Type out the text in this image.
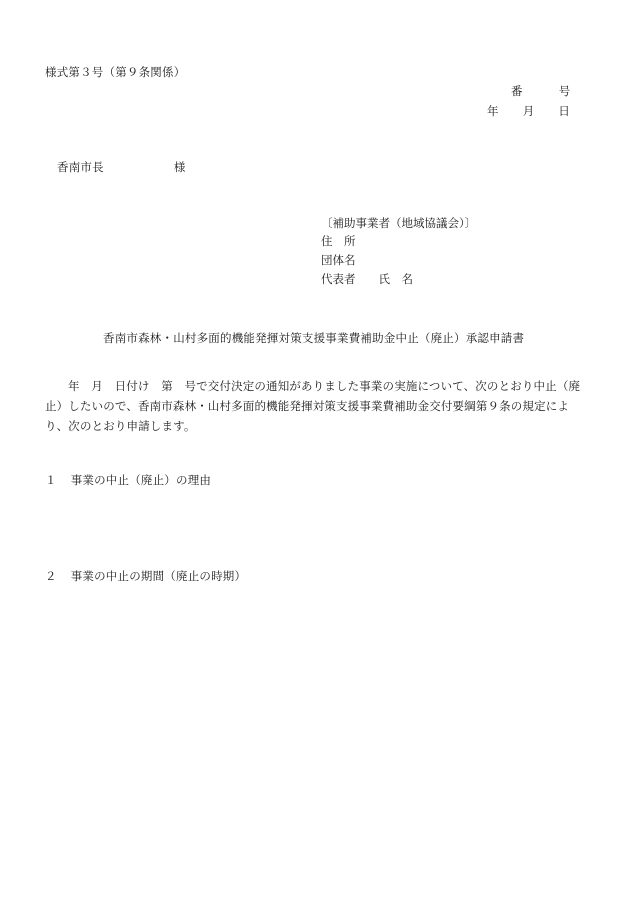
様式第３号（第９条関係）
番	号
年 月 日
香南市長	様
〔補助事業者（地域協議会）〕
住　所
団体名
代表者　　氏　名
香南市森林・山村多面的機能発揮対策支援事業費補助金中止（廃止）承認申請書
年　月　日付け　第　号で交付決定の通知がありました事業の実施について、次のとおり中止（廃止）したいので、香南市森林・山村多面的機能発揮対策支援事業費補助金交付要綱第９条の規定により、次のとおり申請します。
１ 事業の中止（廃止）の理由
２ 事業の中止の期間（廃止の時期）
